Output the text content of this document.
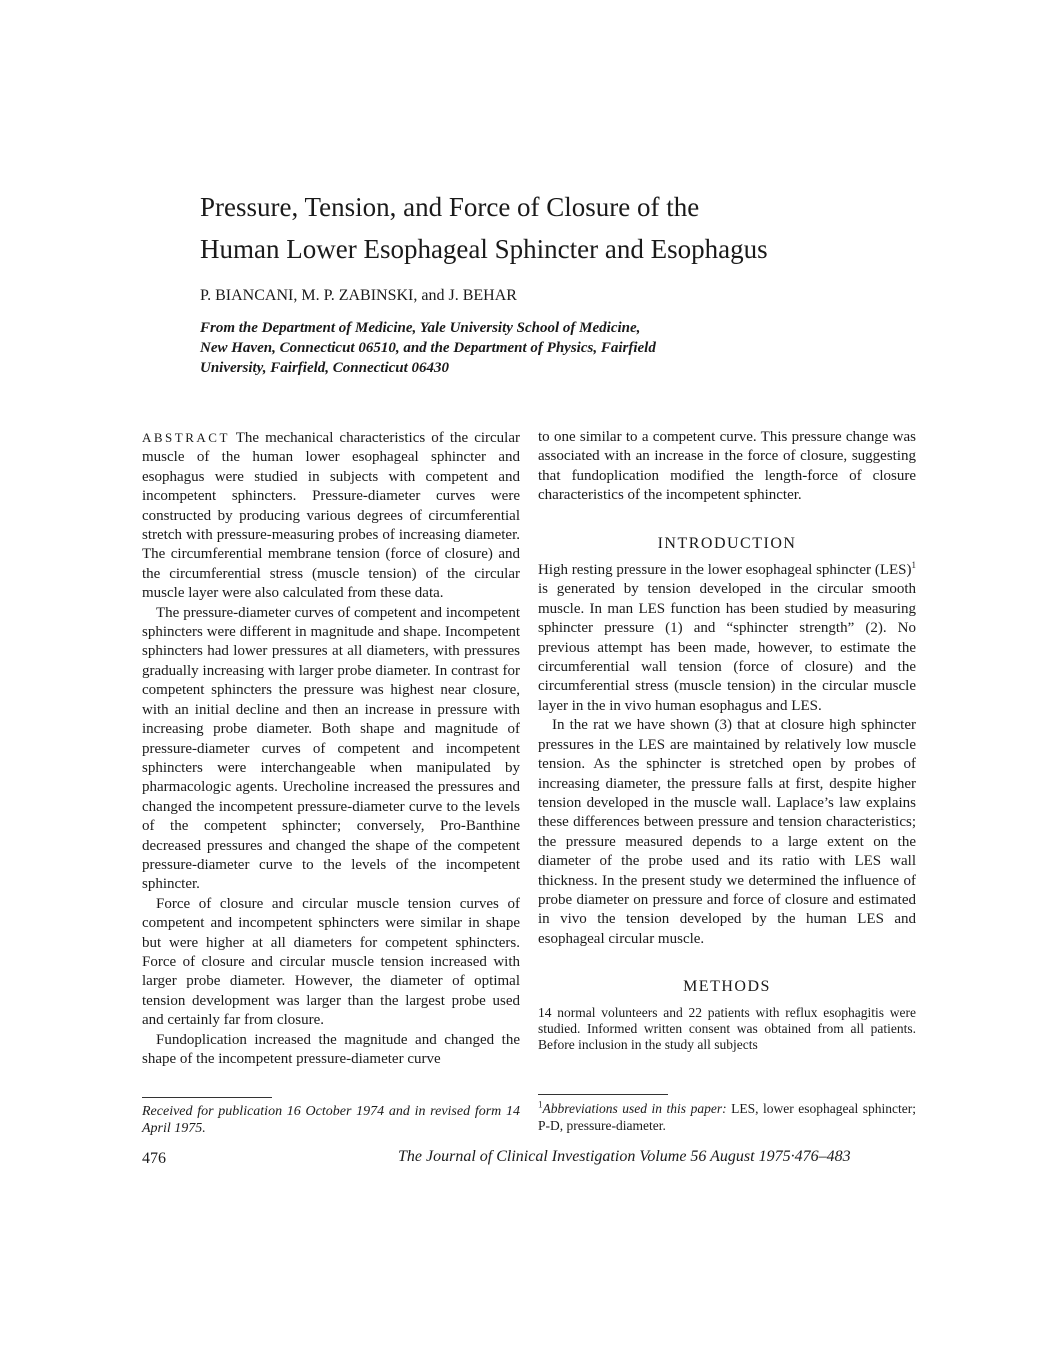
Pressure, Tension, and Force of Closure of the
Human Lower Esophageal Sphincter and Esophagus
P. BIANCANI, M. P. ZABINSKI, and J. BEHAR
From the Department of Medicine, Yale University School of Medicine,
New Haven, Connecticut 06510, and the Department of Physics, Fairfield
University, Fairfield, Connecticut 06430

ABSTRACT The mechanical characteristics of the circular muscle of the human lower esophageal sphincter and esophagus were studied in subjects with competent and incompetent sphincters. Pressure-diameter curves were constructed by producing various degrees of circumferential stretch with pressure-measuring probes of increasing diameter. The circumferential membrane tension (force of closure) and the circumferential stress (muscle tension) of the circular muscle layer were also calculated from these data.

The pressure-diameter curves of competent and incompetent sphincters were different in magnitude and shape. Incompetent sphincters had lower pressures at all diameters, with pressures gradually increasing with larger probe diameter. In contrast for competent sphincters the pressure was highest near closure, with an initial decline and then an increase in pressure with increasing probe diameter. Both shape and magnitude of pressure-diameter curves of competent and incompetent sphincters were interchangeable when manipulated by pharmacologic agents. Urecholine increased the pressures and changed the incompetent pressure-diameter curve to the levels of the competent sphincter; conversely, Pro-Banthine decreased pressures and changed the shape of the competent pressure-diameter curve to the levels of the incompetent sphincter.

Force of closure and circular muscle tension curves of competent and incompetent sphincters were similar in shape but were higher at all diameters for competent sphincters. Force of closure and circular muscle tension increased with larger probe diameter. However, the diameter of optimal tension development was larger than the largest probe used and certainly far from closure.

Fundoplication increased the magnitude and changed the shape of the incompetent pressure-diameter curve

to one similar to a competent curve. This pressure change was associated with an increase in the force of closure, suggesting that fundoplication modified the length-force of closure characteristics of the incompetent sphincter.

INTRODUCTION

High resting pressure in the lower esophageal sphincter (LES)$^1$ is generated by tension developed in the circular smooth muscle. In man LES function has been studied by measuring sphincter pressure (1) and “sphincter strength” (2). No previous attempt has been made, however, to estimate the circumferential wall tension (force of closure) and the circumferential stress (muscle tension) in the circular muscle layer in the in vivo human esophagus and LES.

In the rat we have shown (3) that at closure high sphincter pressures in the LES are maintained by relatively low muscle tension. As the sphincter is stretched open by probes of increasing diameter, the pressure falls at first, despite higher tension developed in the muscle wall. Laplace’s law explains these differences between pressure and tension characteristics; the pressure measured depends to a large extent on the diameter of the probe used and its ratio with LES wall thickness. In the present study we determined the influence of probe diameter on pressure and force of closure and estimated in vivo the tension developed by the human LES and esophageal circular muscle.

METHODS

14 normal volunteers and 22 patients with reflux esophagitis were studied. Informed written consent was obtained from all patients. Before inclusion in the study all subjects

Received for publication 16 October 1974 and in revised form 14 April 1975.
$^1$Abbreviations used in this paper: LES, lower esophageal sphincter; P-D, pressure-diameter.
476	The Journal of Clinical Investigation Volume 56 August 1975·476–483
